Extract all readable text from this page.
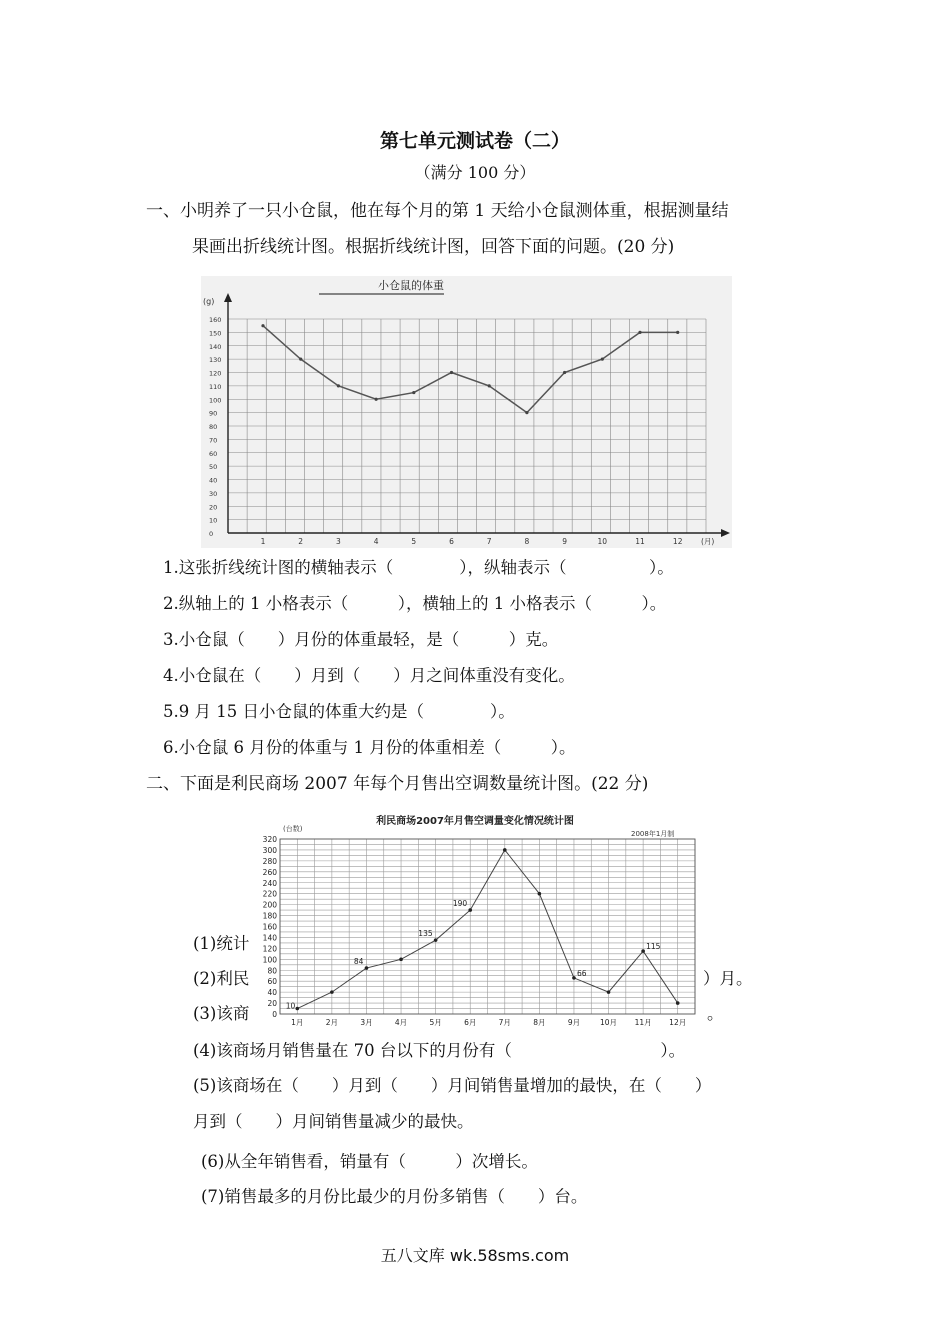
第七单元测试卷（二）
（满分 100 分）
一、小明养了一只小仓鼠，他在每个月的第 1 天给小仓鼠测体重，根据测量结
果画出折线统计图。根据折线统计图，回答下面的问题。(20 分)
小仓鼠的体重
(g)
0
10
20
30
40
50
60
70
80
90
100
110
120
130
140
150
160
1	2	3	4	5	6	7	8	9	10	11	12 (月)
1.这张折线统计图的横轴表示（　　　　），纵轴表示（　　　　　）。
2.纵轴上的 1 小格表示（　　　），横轴上的 1 小格表示（　　　）。
3.小仓鼠（　　）月份的体重最轻，是（　　　）克。
4.小仓鼠在（　　）月到（　　）月之间体重没有变化。
5.9 月 15 日小仓鼠的体重大约是（　　　　）。
6.小仓鼠 6 月份的体重与 1 月份的体重相差（　　　）。
二、下面是利民商场 2007 年每个月售出空调数量统计图。(22 分)
(1)统计
(2)利民	）月。
(3)该商	。
利民商场2007年月售空调量变化情况统计图
2008年1月制
(台数)
0
20
40
60
80
100
120
140
160
180
200
220
240
260
280
300
320
1月	2月	3月	4月	5月	6月	7月	8月	9月	10月 11月 12月
10
84
135
190
66
115
(4)该商场月销售量在 70 台以下的月份有（　　　　　　　　　）。
(5)该商场在（　　）月到（　　）月间销售量增加的最快，在（　　）
月到（　　）月间销售量减少的最快。
(6)从全年销售看，销量有（　　　）次增长。
(7)销售最多的月份比最少的月份多销售（　　）台。
五八文库 wk.58sms.com
